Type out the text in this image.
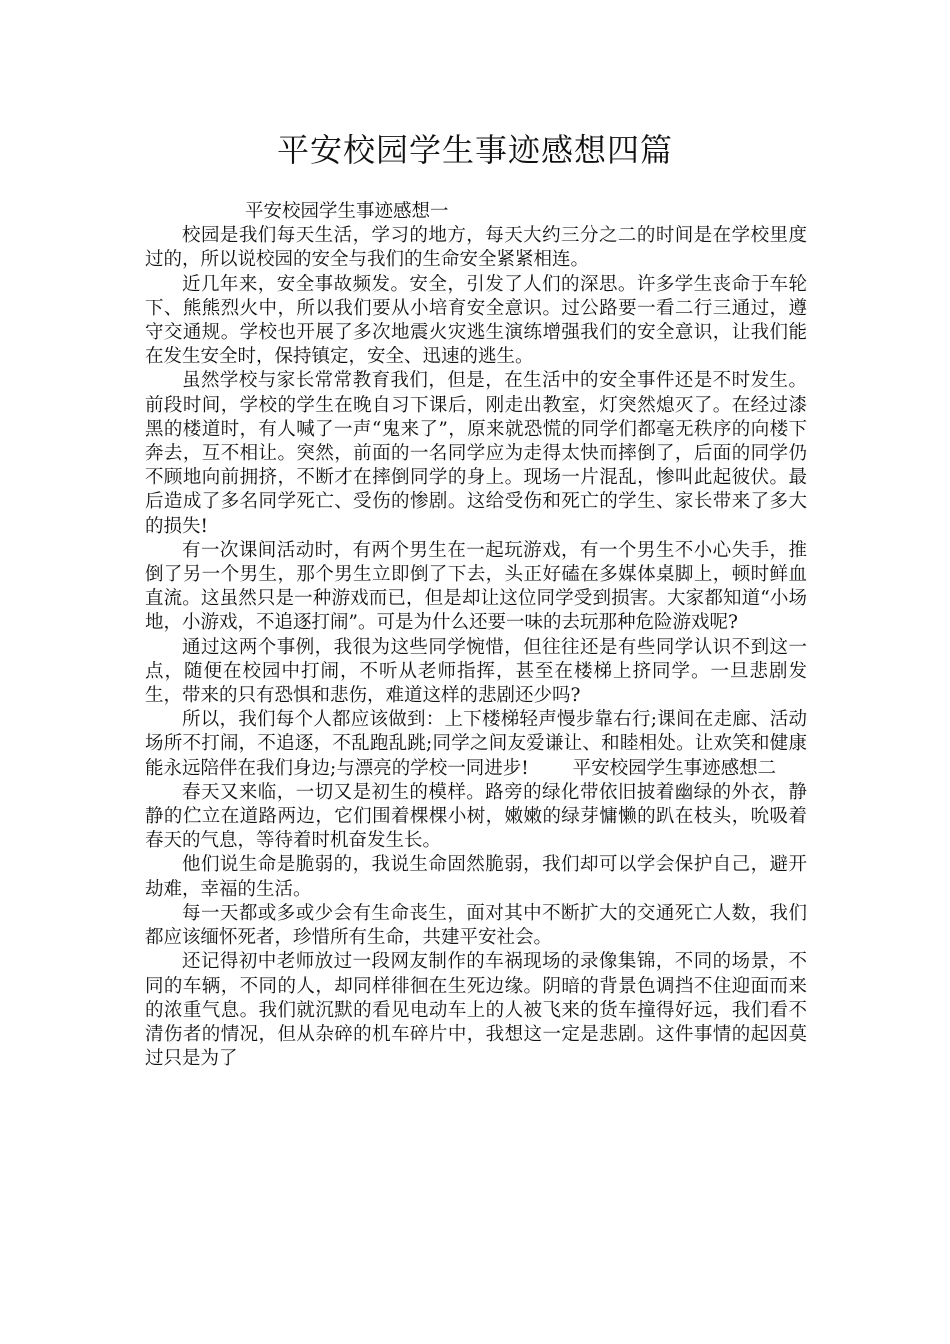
平安校园学生事迹感想四篇

平安校园学生事迹感想一

校园是我们每天生活，学习的地方，每天大约三分之二的时间是在学校里度过的，所以说校园的安全与我们的生命安全紧紧相连。

近几年来，安全事故频发。安全，引发了人们的深思。许多学生丧命于车轮下、熊熊烈火中，所以我们要从小培育安全意识。过公路要一看二行三通过，遵守交通规。学校也开展了多次地震火灾逃生演练增强我们的安全意识，让我们能在发生安全时，保持镇定，安全、迅速的逃生。

虽然学校与家长常常教育我们，但是，在生活中的安全事件还是不时发生。前段时间，学校的学生在晚自习下课后，刚走出教室，灯突然熄灭了。在经过漆黑的楼道时，有人喊了一声“鬼来了”，原来就恐慌的同学们都毫无秩序的向楼下奔去，互不相让。突然，前面的一名同学应为走得太快而摔倒了，后面的同学仍不顾地向前拥挤，不断才在摔倒同学的身上。现场一片混乱，惨叫此起彼伏。最后造成了多名同学死亡、受伤的惨剧。这给受伤和死亡的学生、家长带来了多大的损失!

有一次课间活动时，有两个男生在一起玩游戏，有一个男生不小心失手，推倒了另一个男生，那个男生立即倒了下去，头正好磕在多媒体桌脚上，顿时鲜血直流。这虽然只是一种游戏而已，但是却让这位同学受到损害。大家都知道“小场地，小游戏，不追逐打闹”。可是为什么还要一味的去玩那种危险游戏呢?

通过这两个事例，我很为这些同学惋惜，但往往还是有些同学认识不到这一点，随便在校园中打闹，不听从老师指挥，甚至在楼梯上挤同学。一旦悲剧发生，带来的只有恐惧和悲伤，难道这样的悲剧还少吗?

所以，我们每个人都应该做到：上下楼梯轻声慢步靠右行;课间在走廊、活动场所不打闹，不追逐，不乱跑乱跳;同学之间友爱谦让、和睦相处。让欢笑和健康能永远陪伴在我们身边;与漂亮的学校一同进步! 平安校园学生事迹感想二

春天又来临，一切又是初生的模样。路旁的绿化带依旧披着幽绿的外衣，静静的伫立在道路两边，它们围着棵棵小树，嫩嫩的绿芽慵懒的趴在枝头，吮吸着春天的气息，等待着时机奋发生长。

他们说生命是脆弱的，我说生命固然脆弱，我们却可以学会保护自己，避开劫难，幸福的生活。

每一天都或多或少会有生命丧生，面对其中不断扩大的交通死亡人数，我们都应该缅怀死者，珍惜所有生命，共建平安社会。

还记得初中老师放过一段网友制作的车祸现场的录像集锦，不同的场景，不同的车辆，不同的人，却同样徘徊在生死边缘。阴暗的背景色调挡不住迎面而来的浓重气息。我们就沉默的看见电动车上的人被飞来的货车撞得好远，我们看不清伤者的情况，但从杂碎的机车碎片中，我想这一定是悲剧。这件事情的起因莫过只是为了
